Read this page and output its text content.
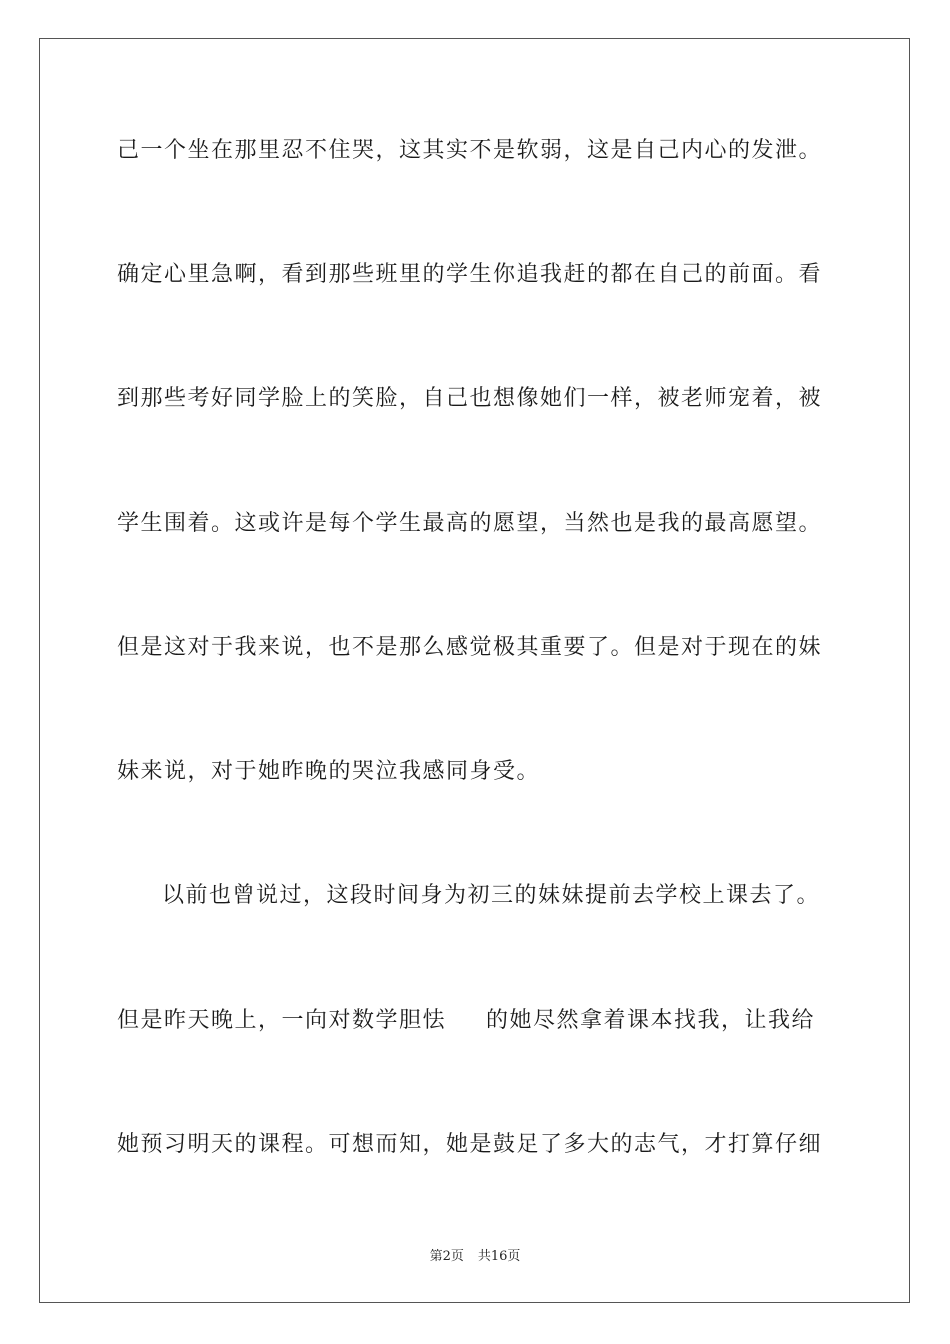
己一个坐在那里忍不住哭，这其实不是软弱，这是自己内心的发泄。
确定心里急啊，看到那些班里的学生你追我赶的都在自己的前面。看
到那些考好同学脸上的笑脸，自己也想像她们一样，被老师宠着，被
学生围着。这或许是每个学生最高的愿望，当然也是我的最高愿望。
但是这对于我来说，也不是那么感觉极其重要了。但是对于现在的妹
妹来说，对于她昨晚的哭泣我感同身受。
以前也曾说过，这段时间身为初三的妹妹提前去学校上课去了。
但是昨天晚上，一向对数学胆怯 的她尽然拿着课本找我，让我给
她预习明天的课程。可想而知，她是鼓足了多大的志气，才打算仔细
第2页 共16页
